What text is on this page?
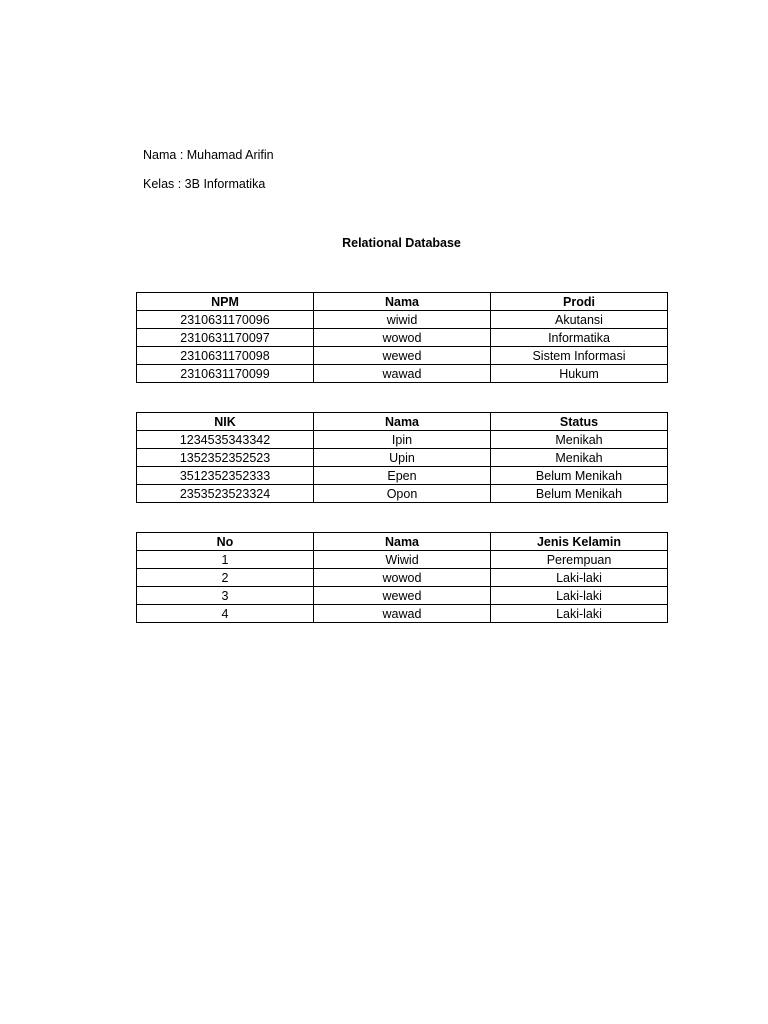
Nama : Muhamad Arifin
Kelas : 3B Informatika
Relational Database
NPM	Nama	Prodi
2310631170096	wiwid	Akutansi
2310631170097	wowod	Informatika
2310631170098	wewed	Sistem Informasi
2310631170099	wawad	Hukum
NIK	Nama	Status
1234535343342	Ipin	Menikah
1352352352523	Upin	Menikah
3512352352333	Epen	Belum Menikah
2353523523324	Opon	Belum Menikah
No	Nama	Jenis Kelamin
1	Wiwid	Perempuan
2	wowod	Laki-laki
3	wewed	Laki-laki
4	wawad	Laki-laki
